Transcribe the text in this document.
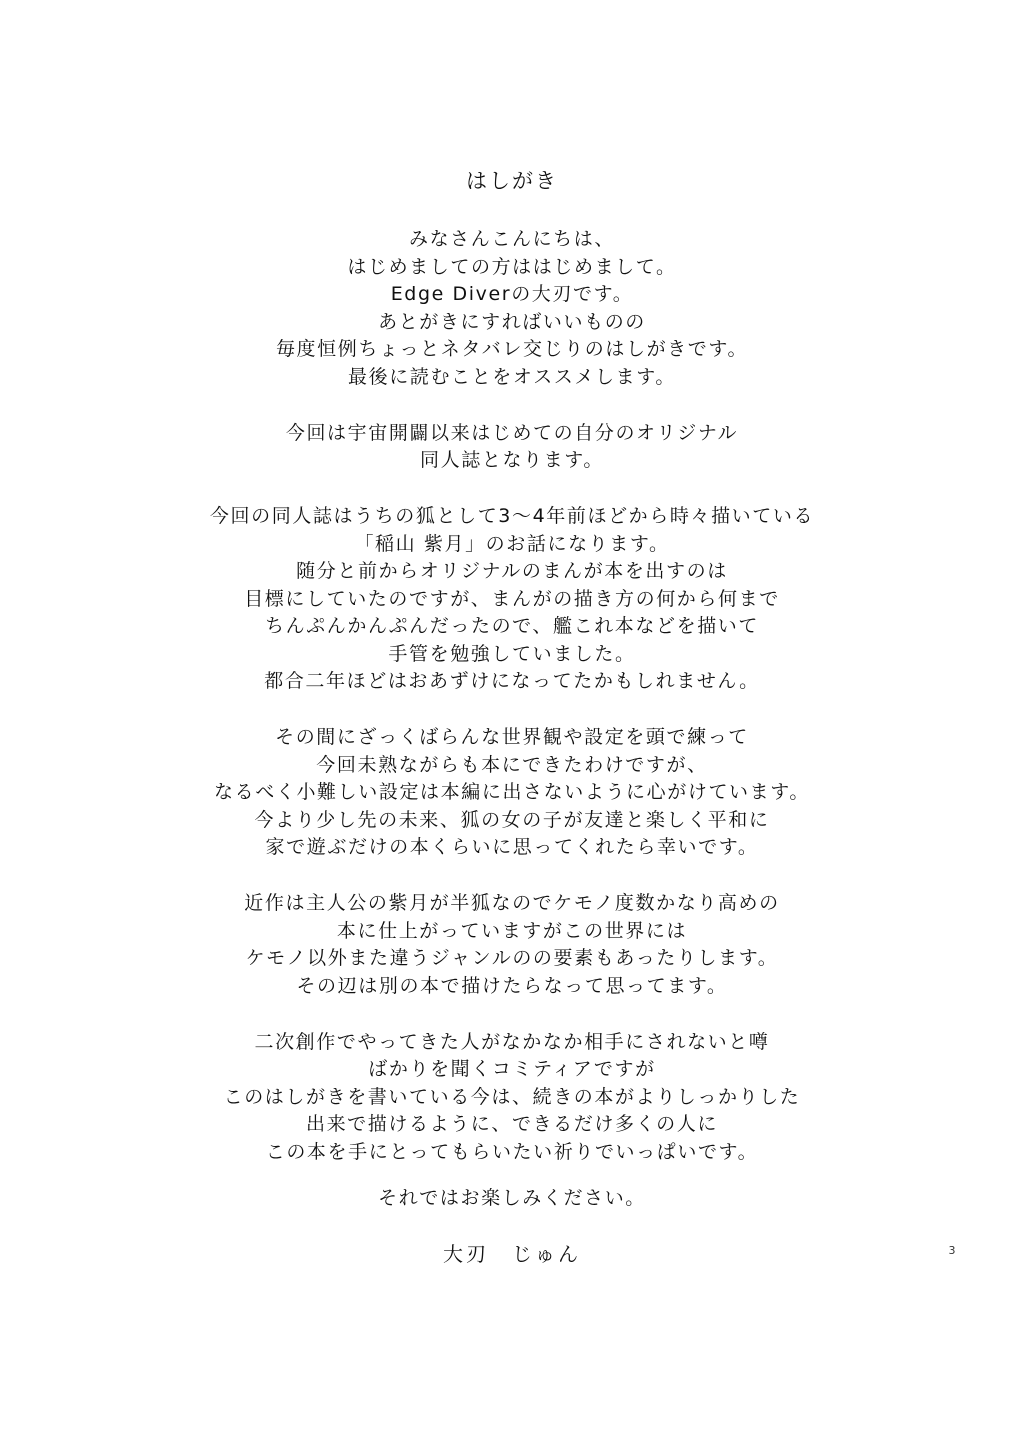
はしがき
みなさんこんにちは、
はじめましての方ははじめまして。
Edge Diverの大刃です。
あとがきにすればいいものの
毎度恒例ちょっとネタバレ交じりのはしがきです。
最後に読むことをオススメします。
今回は宇宙開闢以来はじめての自分のオリジナル
同人誌となります。
今回の同人誌はうちの狐として3～4年前ほどから時々描いている
「稲山 紫月」のお話になります。
随分と前からオリジナルのまんが本を出すのは
目標にしていたのですが、まんがの描き方の何から何まで
ちんぷんかんぷんだったので、艦これ本などを描いて
手管を勉強していました。
都合二年ほどはおあずけになってたかもしれません。
その間にざっくばらんな世界観や設定を頭で練って
今回未熟ながらも本にできたわけですが、
なるべく小難しい設定は本編に出さないように心がけています。
今より少し先の未来、狐の女の子が友達と楽しく平和に
家で遊ぶだけの本くらいに思ってくれたら幸いです。
近作は主人公の紫月が半狐なのでケモノ度数かなり高めの
本に仕上がっていますがこの世界には
ケモノ以外また違うジャンルのの要素もあったりします。
その辺は別の本で描けたらなって思ってます。
二次創作でやってきた人がなかなか相手にされないと噂
ばかりを聞くコミティアですが
このはしがきを書いている今は、続きの本がよりしっかりした
出来で描けるように、できるだけ多くの人に
この本を手にとってもらいたい祈りでいっぱいです。
それではお楽しみください。
大刃　じゅん	3
